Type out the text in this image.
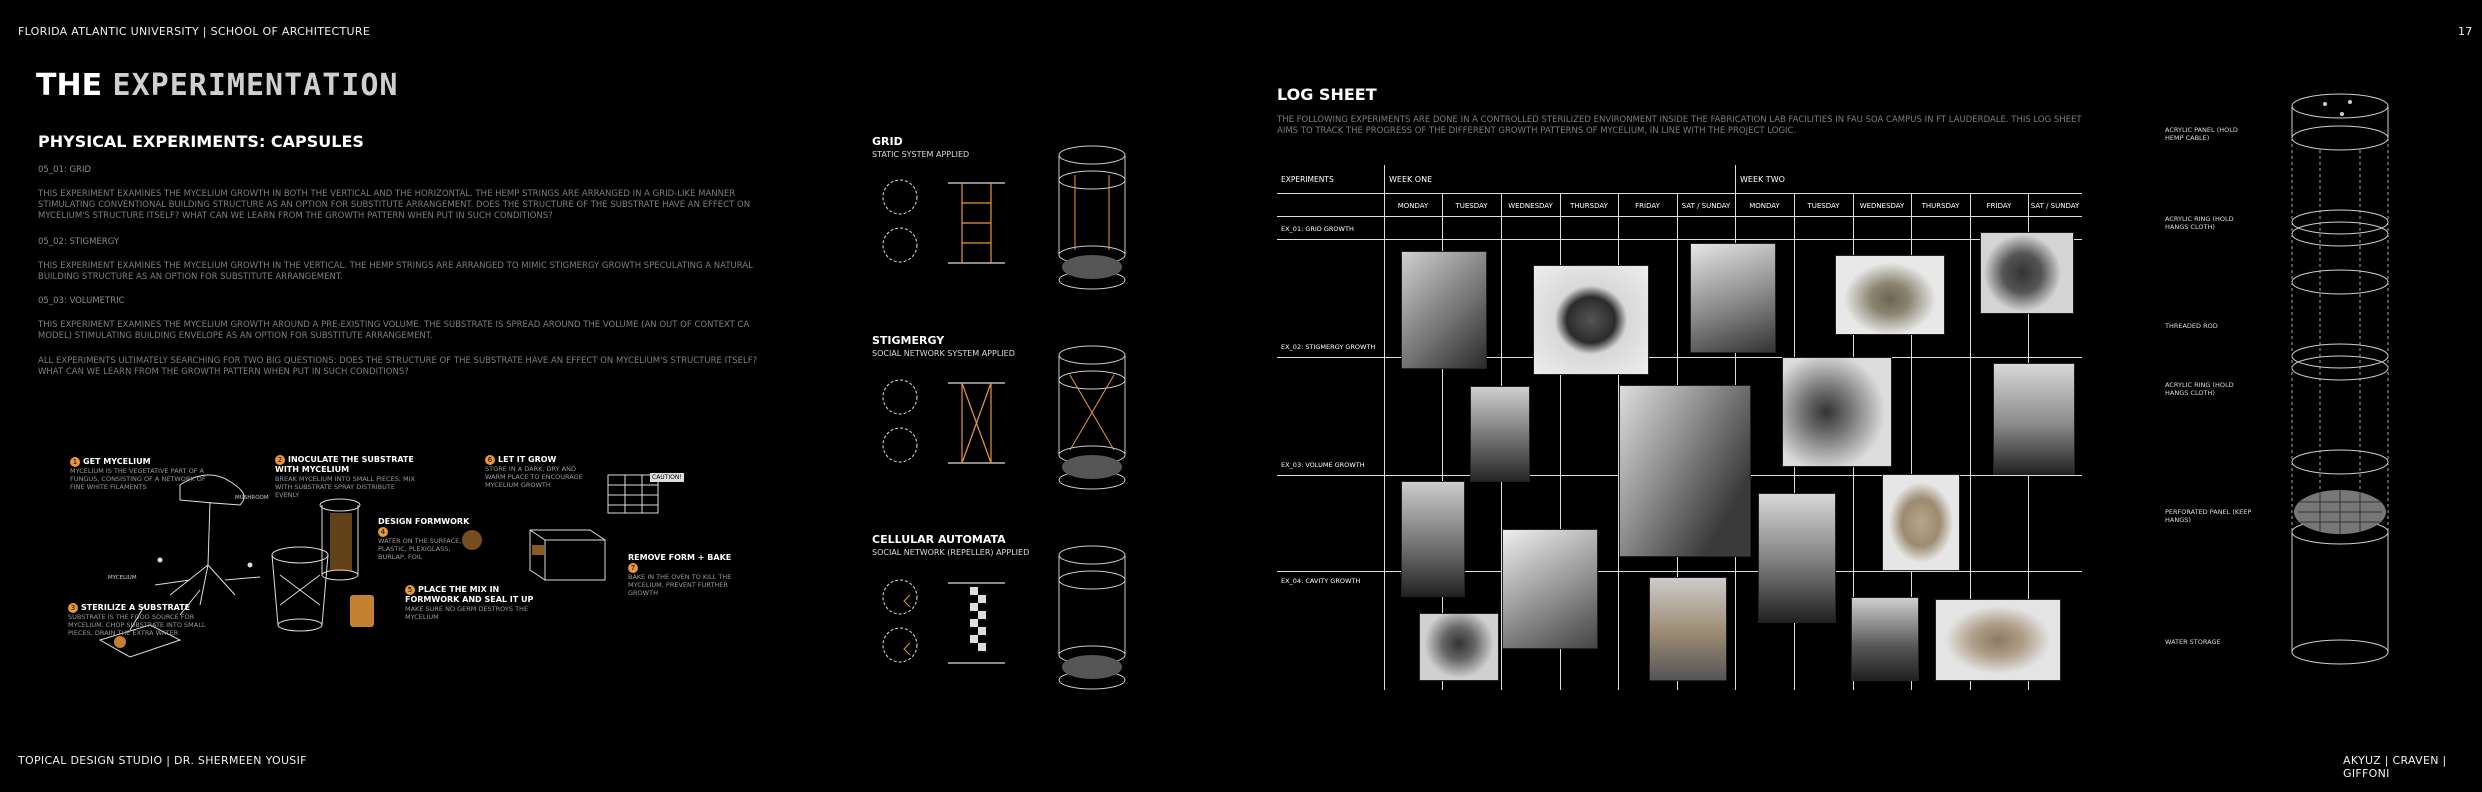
FLORIDA ATLANTIC UNIVERSITY | SCHOOL OF ARCHITECTURE	17
TOPICAL DESIGN STUDIO | DR. SHERMEEN YOUSIF	AKYUZ | CRAVEN | GIFFONI
THE EXPERIMENTATION
PHYSICAL EXPERIMENTS: CAPSULES
05_01: GRID
THIS EXPERIMENT EXAMINES THE MYCELIUM GROWTH IN BOTH THE VERTICAL AND THE HORIZONTAL. THE HEMP STRINGS ARE ARRANGED IN A GRID-LIKE MANNER STIMULATING CONVENTIONAL BUILDING STRUCTURE AS AN OPTION FOR SUBSTITUTE ARRANGEMENT. DOES THE STRUCTURE OF THE SUBSTRATE HAVE AN EFFECT ON MYCELIUM'S STRUCTURE ITSELF? WHAT CAN WE LEARN FROM THE GROWTH PATTERN WHEN PUT IN SUCH CONDITIONS?
05_02: STIGMERGY
THIS EXPERIMENT EXAMINES THE MYCELIUM GROWTH IN THE VERTICAL. THE HEMP STRINGS ARE ARRANGED TO MIMIC STIGMERGY GROWTH SPECULATING A NATURAL BUILDING STRUCTURE AS AN OPTION FOR SUBSTITUTE ARRANGEMENT.
05_03: VOLUMETRIC
THIS EXPERIMENT EXAMINES THE MYCELIUM GROWTH AROUND A PRE-EXISTING VOLUME. THE SUBSTRATE IS SPREAD AROUND THE VOLUME (AN OUT OF CONTEXT CA MODEL) STIMULATING BUILDING ENVELOPE AS AN OPTION FOR SUBSTITUTE ARRANGEMENT.
ALL EXPERIMENTS ULTIMATELY SEARCHING FOR TWO BIG QUESTIONS: DOES THE STRUCTURE OF THE SUBSTRATE HAVE AN EFFECT ON MYCELIUM'S STRUCTURE ITSELF? WHAT CAN WE LEARN FROM THE GROWTH PATTERN WHEN PUT IN SUCH CONDITIONS?
CAUTION!
MUSHROOM
MYCELIUM
1 GET MYCELIUM
MYCELIUM IS THE VEGETATIVE PART OF A FUNGUS, CONSISTING OF A NETWORK OF FINE WHITE FILAMENTS
2 INOCULATE THE SUBSTRATE WITH MYCELIUM
BREAK MYCELIUM INTO SMALL PIECES, MIX WITH SUBSTRATE SPRAY DISTRIBUTE EVENLY
6 LET IT GROW
STORE IN A DARK, DRY AND WARM PLACE TO ENCOURAGE MYCELIUM GROWTH
DESIGN FORMWORK 4
WATER ON THE SURFACE, PLASTIC, PLEXIGLASS, BURLAP, FOIL	REMOVE FORM + BAKE 7
BAKE IN THE OVEN TO KILL THE MYCELIUM, PREVENT FURTHER GROWTH
5 PLACE THE MIX IN FORMWORK AND SEAL IT UP
MAKE SURE NO GERM DESTROYS THE MYCELIUM
3 STERILIZE A SUBSTRATE
SUBSTRATE IS THE FOOD SOURCE FOR MYCELIUM. CHOP SUBSTRATE INTO SMALL PIECES, DRAIN THE EXTRA WATER
GRID
STATIC SYSTEM APPLIED
STIGMERGY
SOCIAL NETWORK SYSTEM APPLIED
CELLULAR AUTOMATA
SOCIAL NETWORK (REPELLER) APPLIED
LOG SHEET
THE FOLLOWING EXPERIMENTS ARE DONE IN A CONTROLLED STERILIZED ENVIRONMENT INSIDE THE FABRICATION LAB FACILITIES IN FAU SOA CAMPUS IN FT LAUDERDALE. THIS LOG SHEET AIMS TO TRACK THE PROGRESS OF THE DIFFERENT GROWTH PATTERNS OF MYCELIUM, IN LINE WITH THE PROJECT LOGIC.
EXPERIMENTS	WEEK ONE	WEEK TWO
MONDAY	TUESDAY	WEDNESDAY	THURSDAY	FRIDAY	SAT / SUNDAY	MONDAY	TUESDAY	WEDNESDAY	THURSDAY	FRIDAY	SAT / SUNDAY
EX_01: GRID GROWTH
EX_02: STIGMERGY GROWTH
EX_03: VOLUME GROWTH
EX_04: CAVITY GROWTH
ACRYLIC PANEL (HOLD HEMP CABLE)
ACRYLIC RING (HOLD HANGS CLOTH)
THREADED ROD
ACRYLIC RING (HOLD HANGS CLOTH)
PERFORATED PANEL (KEEP HANGS)
WATER STORAGE
